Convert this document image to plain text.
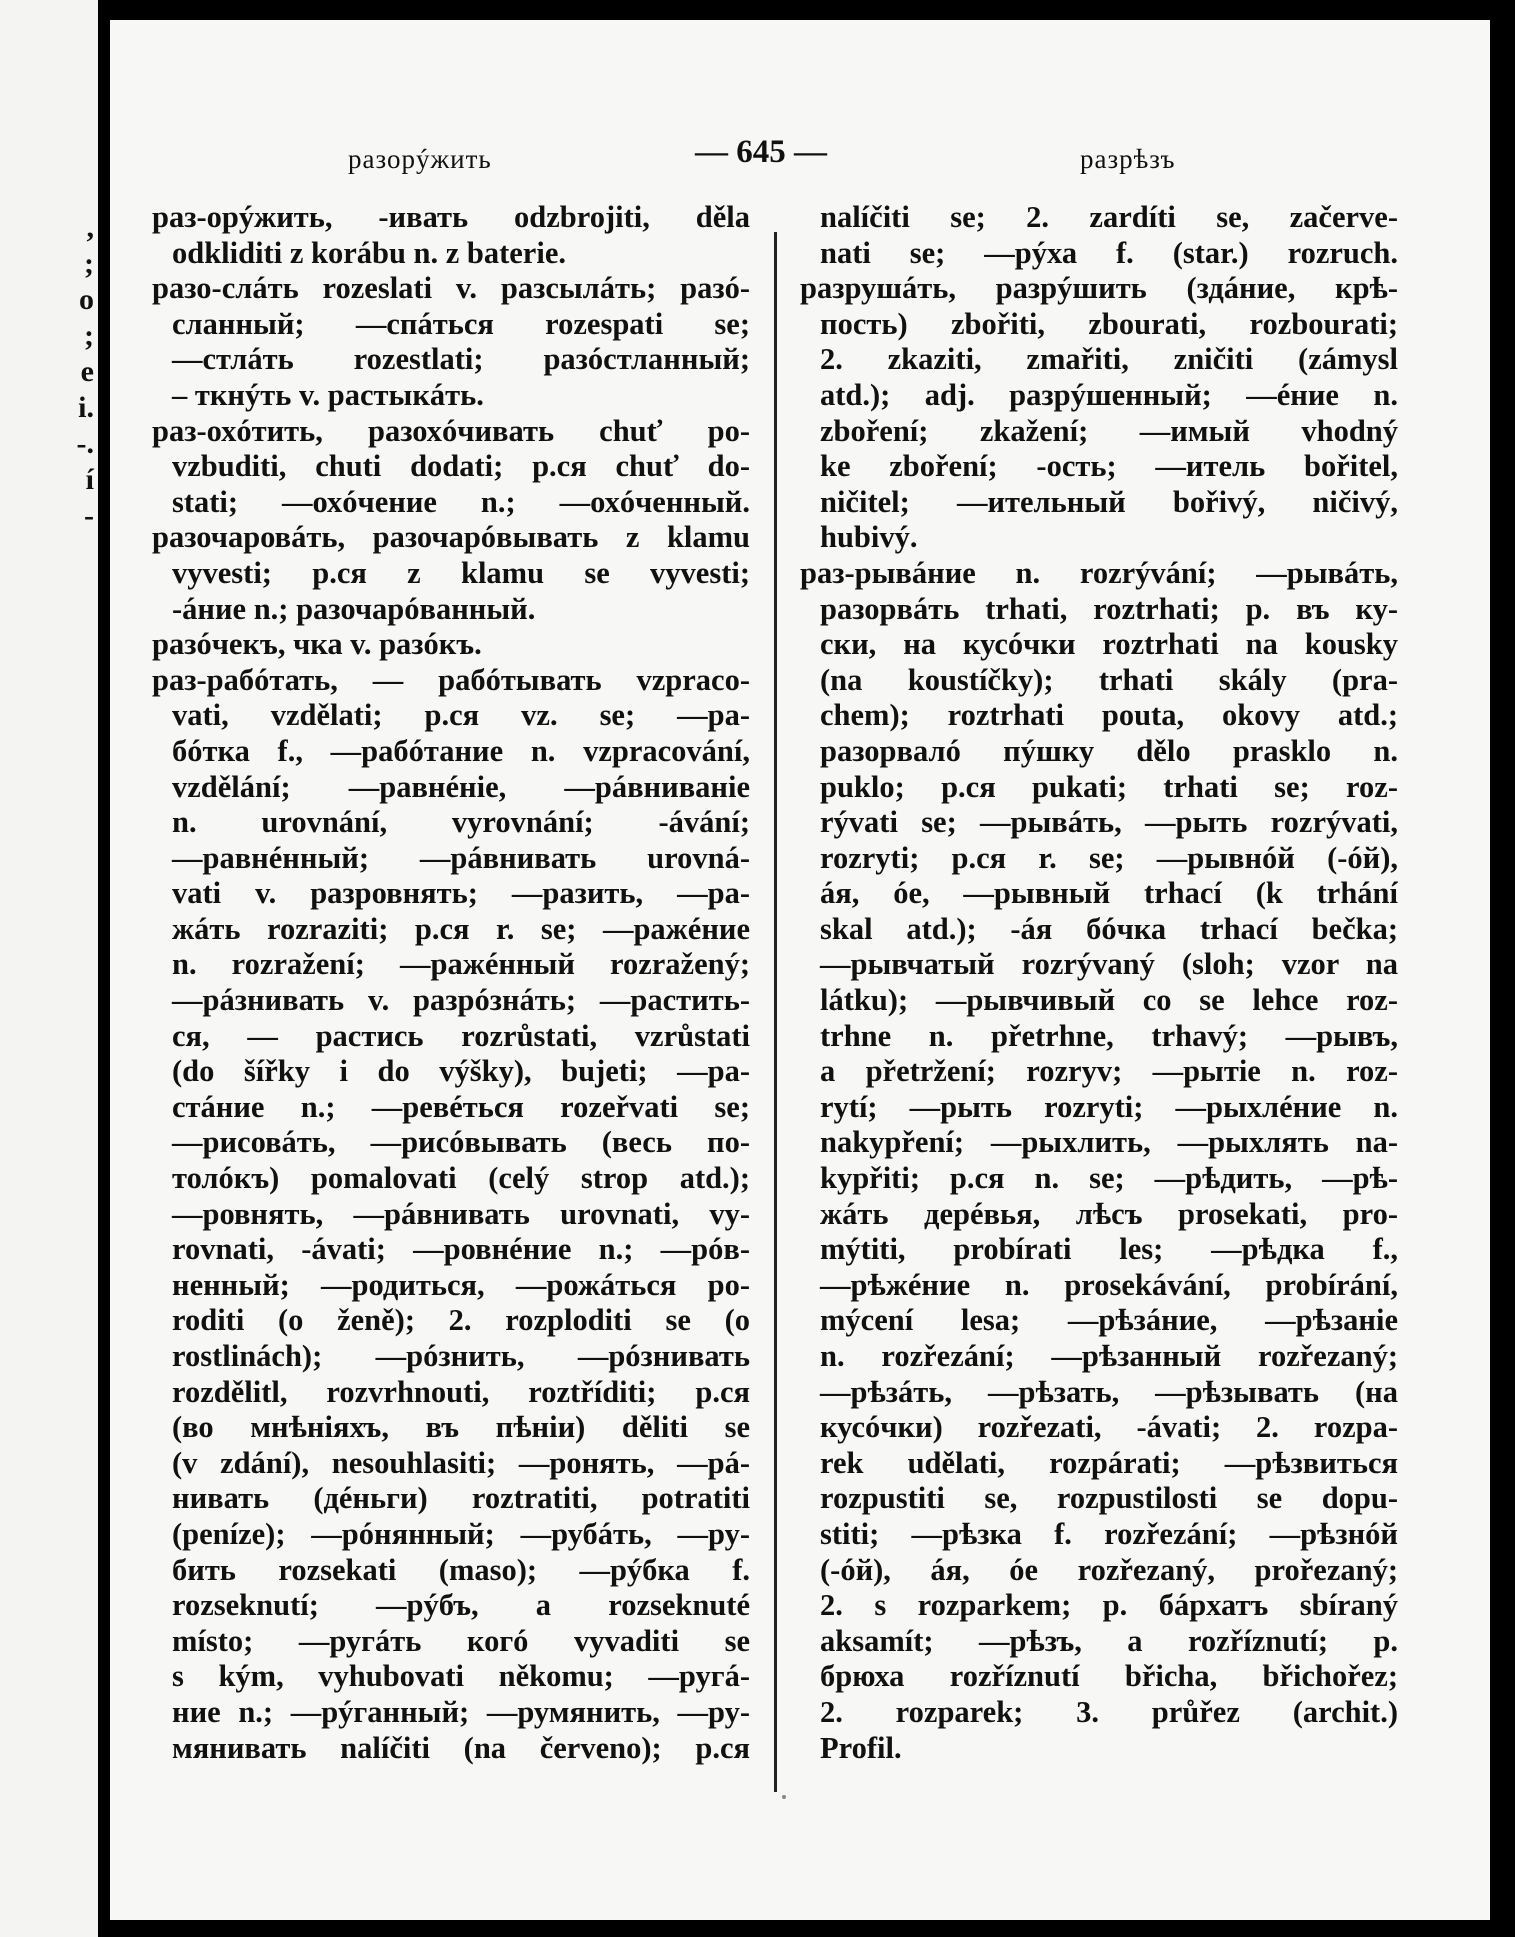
,
;
o
;
e
i.
-.
í
-
разорýжить	— 645 —	разрѣзъ
раз-орýжить, -ивать odzbrojiti, děla
odkliditi z korábu n. z baterie.
разо-слáть rozeslati v. разсылáть; разó-
сланный; —спáться rozespati se;
—стлáть rozestlati; разóстланный;
– ткнýть v. растыкáть.
раз-охóтить, разохóчивать chuť po-
vzbuditi, chuti dodati; р.ся chuť do-
stati; —охóчение n.; —охóченный.
разочаровáть, разочарóвывать z klamu
vyvesti; р.ся z klamu se vyvesti;
-áние n.; разочарóванный.
разóчекъ, чка v. разóкъ.
раз-рабóтать, — рабóтывать vzpraco-
vati, vzdělati; р.ся vz. se; —ра-
бóтка f., —рабóтание n. vzpracování,
vzdělání; —равнéніе, —рáвниваніе
n. urovnání, vyrovnání; -ávání;
—равнéнный; —рáвнивать urovná-
vati v. разровнять; —разить, —ра-
жáть rozraziti; р.ся r. se; —ражéние
n. rozražení; —ражéнный rozražený;
—рáзнивать v. разрóзнáть; —растить-
ся, — растись rozrůstati, vzrůstati
(do šířky i do výšky), bujeti; —ра-
стáние n.; —ревéться rozeřvati se;
—рисовáть, —рисóвывать (весь по-
толóкъ) pomalovati (celý strop atd.);
—ровнять, —рáвнивать urovnati, vy-
rovnati, -ávati; —ровнéние n.; —рóв-
ненный; —родиться, —рожáться po-
roditi (o ženě); 2. rozploditi se (o
rostlinách); —рóзнить, —рóзнивать
rozdělitl, rozvrhnouti, roztříditi; р.ся
(во мнѣніяхъ, въ пѣніи) děliti se
(v zdání), nesouhlasiti; —ронять, —рá-
нивать (дéньги) roztratiti, potratiti
(peníze); —рóнянный; —рубáть, —ру-
бить rozsekati (maso); —рýбка f.
rozseknutí; —рýбъ, a rozseknuté
místo; —ругáть когó vyvaditi se
s kým, vyhubovati někomu; —ругá-
ние n.; —рýганный; —румянить, —ру-
мянивать nalíčiti (na červeno); р.ся
nalíčiti se; 2. zardíti se, začerve-
nati se; —рýха f. (star.) rozruch.
разрушáть, разрýшить (здáние, крѣ-
пость) zbořiti, zbourati, rozbourati;
2. zkaziti, zmařiti, zničiti (zámysl
atd.); adj. разрýшенный; —éние n.
zboření; zkažení; —имый vhodný
ke zboření; -ость; —итель bořitel,
ničitel; —ительный bořivý, ničivý,
hubivý.
раз-рывáние n. rozrývání; —рывáть,
разорвáть trhati, roztrhati; р. въ ку-
ски, на кусóчки roztrhati na kousky
(na koustíčky); trhati skály (pra-
chem); roztrhati pouta, okovy atd.;
разорвалó пýшку dělo prasklo n.
puklo; р.ся pukati; trhati se; roz-
rývati se; —рывáть, —рыть rozrývati,
rozryti; р.ся r. se; —рывнóй (-óй),
áя, óе, —рывный trhací (k trhání
skal atd.); -áя бóчка trhací bečka;
—рывчатый rozrývaný (sloh; vzor na
látku); —рывчивый co se lehce roz-
trhne n. přetrhne, trhavý; —рывъ,
a přetržení; rozryv; —рытіе n. roz-
rytí; —рыть rozryti; —рыхлéние n.
nakypření; —рыхлить, —рыхлять na-
kypřiti; р.ся n. se; —рѣдить, —рѣ-
жáть дерéвья, лѣсъ prosekati, pro-
mýtiti, probírati les; —рѣдка f.,
—рѣжéние n. prosekávání, probírání,
mýcení lesa; —рѣзáние, —рѣзанie
n. rozřezání; —рѣзанный rozřezaný;
—рѣзáть, —рѣзать, —рѣзывать (на
кусóчки) rozřezati, -ávati; 2. rozpa-
rek udělati, rozpárati; —рѣзвиться
rozpustiti se, rozpustilosti se dopu-
stiti; —рѣзка f. rozřezání; —рѣзнóй
(-óй), áя, óе rozřezaný, prořezaný;
2. s rozparkem; р. бáрхатъ sbíraný
aksamít; —рѣзъ, a rozříznutí; р.
брюха rozříznutí břicha, břichořez;
2. rozparek; 3. průřez (archit.)
Profil.
